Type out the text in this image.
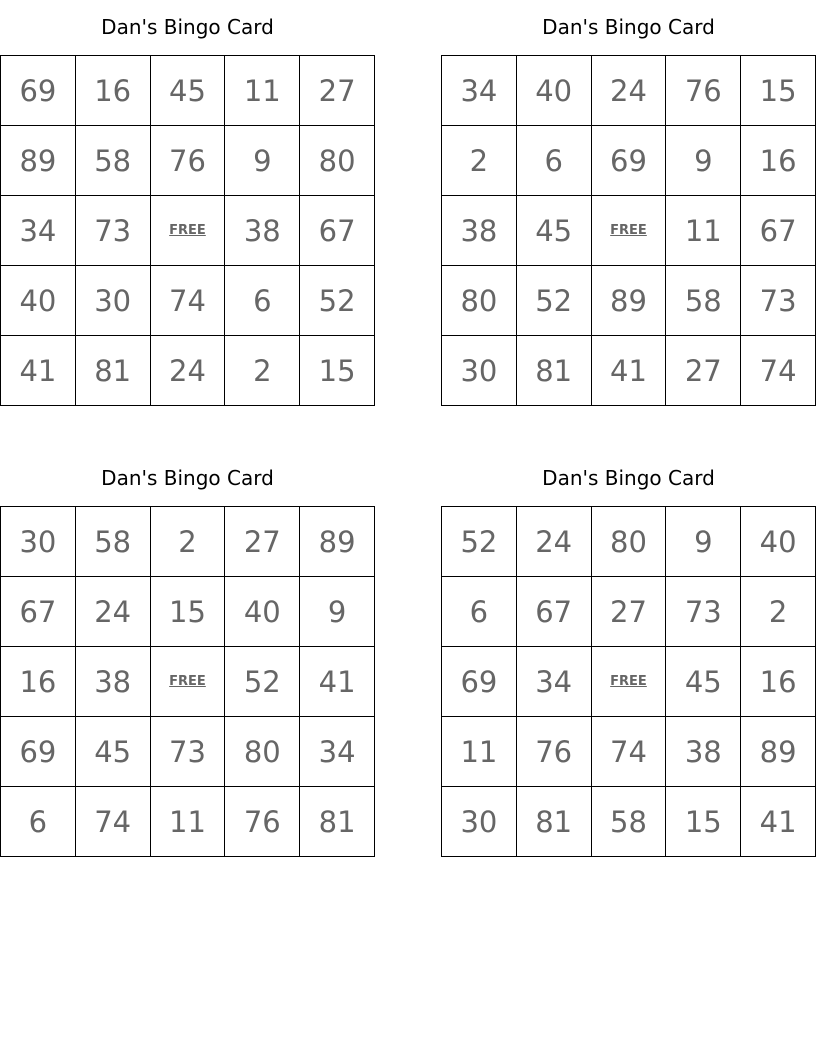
Dan's Bingo Card
69	16	45	11	27
89	58	76	9	80
34	73	FREE	38	67
40	30	74	6	52
41	81	24	2	15
Dan's Bingo Card
34	40	24	76	15
2	6	69	9	16
38	45	FREE	11	67
80	52	89	58	73
30	81	41	27	74
Dan's Bingo Card
30	58	2	27	89
67	24	15	40	9
16	38	FREE	52	41
69	45	73	80	34
6	74	11	76	81
Dan's Bingo Card
52	24	80	9	40
6	67	27	73	2
69	34	FREE	45	16
11	76	74	38	89
30	81	58	15	41
